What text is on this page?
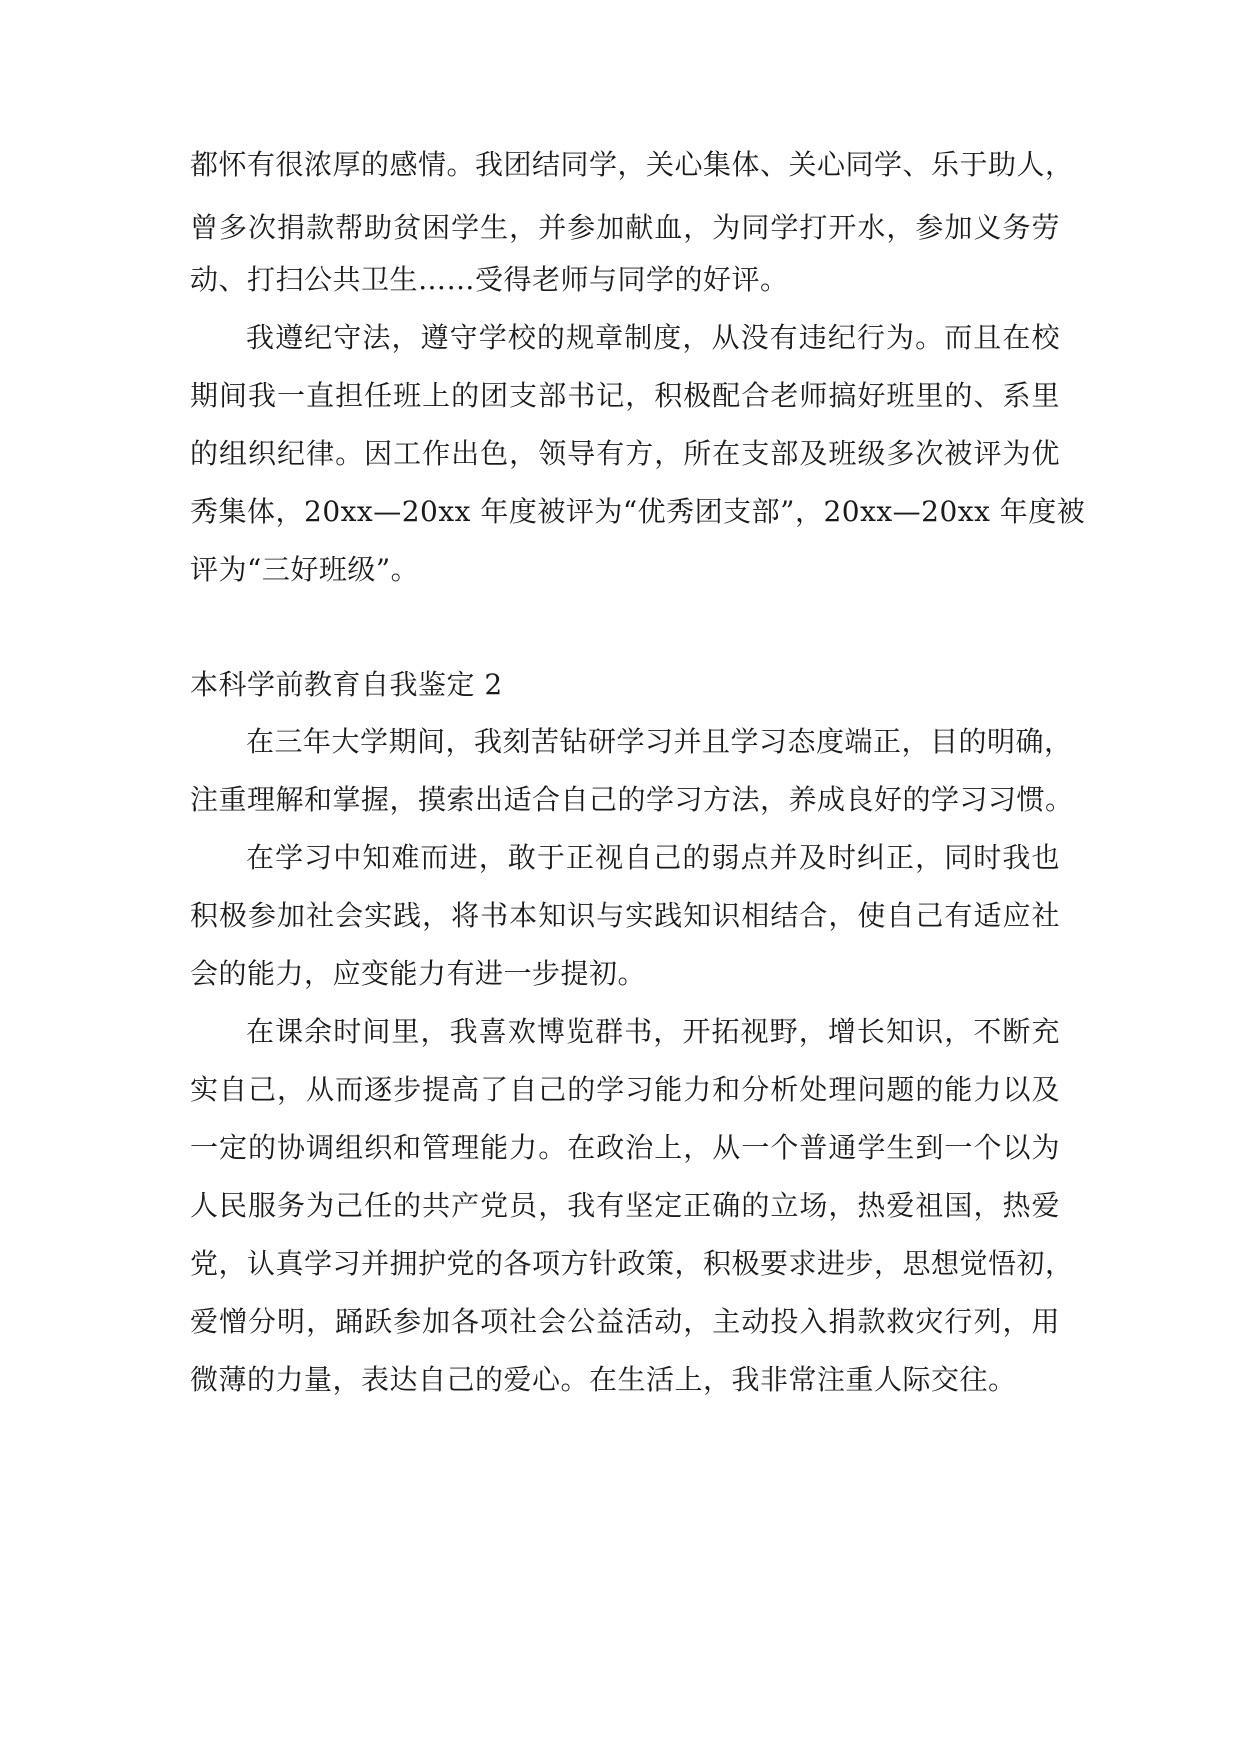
都怀有很浓厚的感情。我团结同学，关心集体、关心同学、乐于助人，
曾多次捐款帮助贫困学生，并参加献血，为同学打开水，参加义务劳
动、打扫公共卫生……受得老师与同学的好评。
我遵纪守法，遵守学校的规章制度，从没有违纪行为。而且在校
期间我一直担任班上的团支部书记，积极配合老师搞好班里的、系里
的组织纪律。因工作出色，领导有方，所在支部及班级多次被评为优
秀集体，20xx—20xx 年度被评为“优秀团支部”，20xx—20xx 年度被
评为“三好班级”。
本科学前教育自我鉴定 2
在三年大学期间，我刻苦钻研学习并且学习态度端正，目的明确，
注重理解和掌握，摸索出适合自己的学习方法，养成良好的学习习惯。
在学习中知难而进，敢于正视自己的弱点并及时纠正，同时我也
积极参加社会实践，将书本知识与实践知识相结合，使自己有适应社
会的能力，应变能力有进一步提初。
在课余时间里，我喜欢博览群书，开拓视野，增长知识，不断充
实自己，从而逐步提高了自己的学习能力和分析处理问题的能力以及
一定的协调组织和管理能力。在政治上，从一个普通学生到一个以为
人民服务为己任的共产党员，我有坚定正确的立场，热爱祖国，热爱
党，认真学习并拥护党的各项方针政策，积极要求进步，思想觉悟初，
爱憎分明，踊跃参加各项社会公益活动，主动投入捐款救灾行列，用
微薄的力量，表达自己的爱心。在生活上，我非常注重人际交往。
